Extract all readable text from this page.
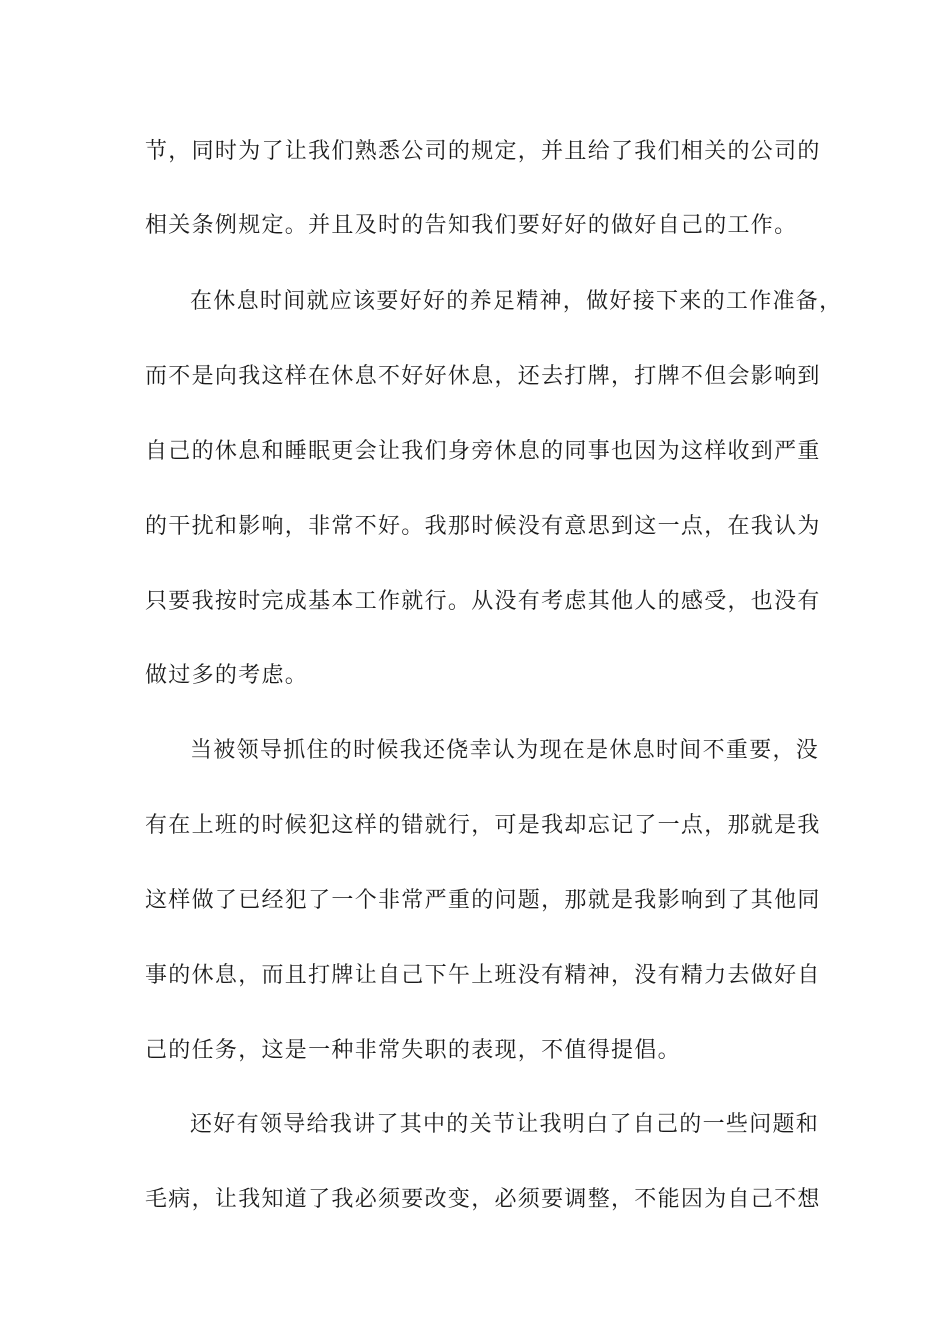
节，同时为了让我们熟悉公司的规定，并且给了我们相关的公司的
相关条例规定。并且及时的告知我们要好好的做好自己的工作。
在休息时间就应该要好好的养足精神，做好接下来的工作准备，
而不是向我这样在休息不好好休息，还去打牌，打牌不但会影响到
自己的休息和睡眠更会让我们身旁休息的同事也因为这样收到严重
的干扰和影响，非常不好。我那时候没有意思到这一点，在我认为
只要我按时完成基本工作就行。从没有考虑其他人的感受，也没有
做过多的考虑。
当被领导抓住的时候我还侥幸认为现在是休息时间不重要，没
有在上班的时候犯这样的错就行，可是我却忘记了一点，那就是我
这样做了已经犯了一个非常严重的问题，那就是我影响到了其他同
事的休息，而且打牌让自己下午上班没有精神，没有精力去做好自
己的任务，这是一种非常失职的表现，不值得提倡。
还好有领导给我讲了其中的关节让我明白了自己的一些问题和
毛病，让我知道了我必须要改变，必须要调整，不能因为自己不想
